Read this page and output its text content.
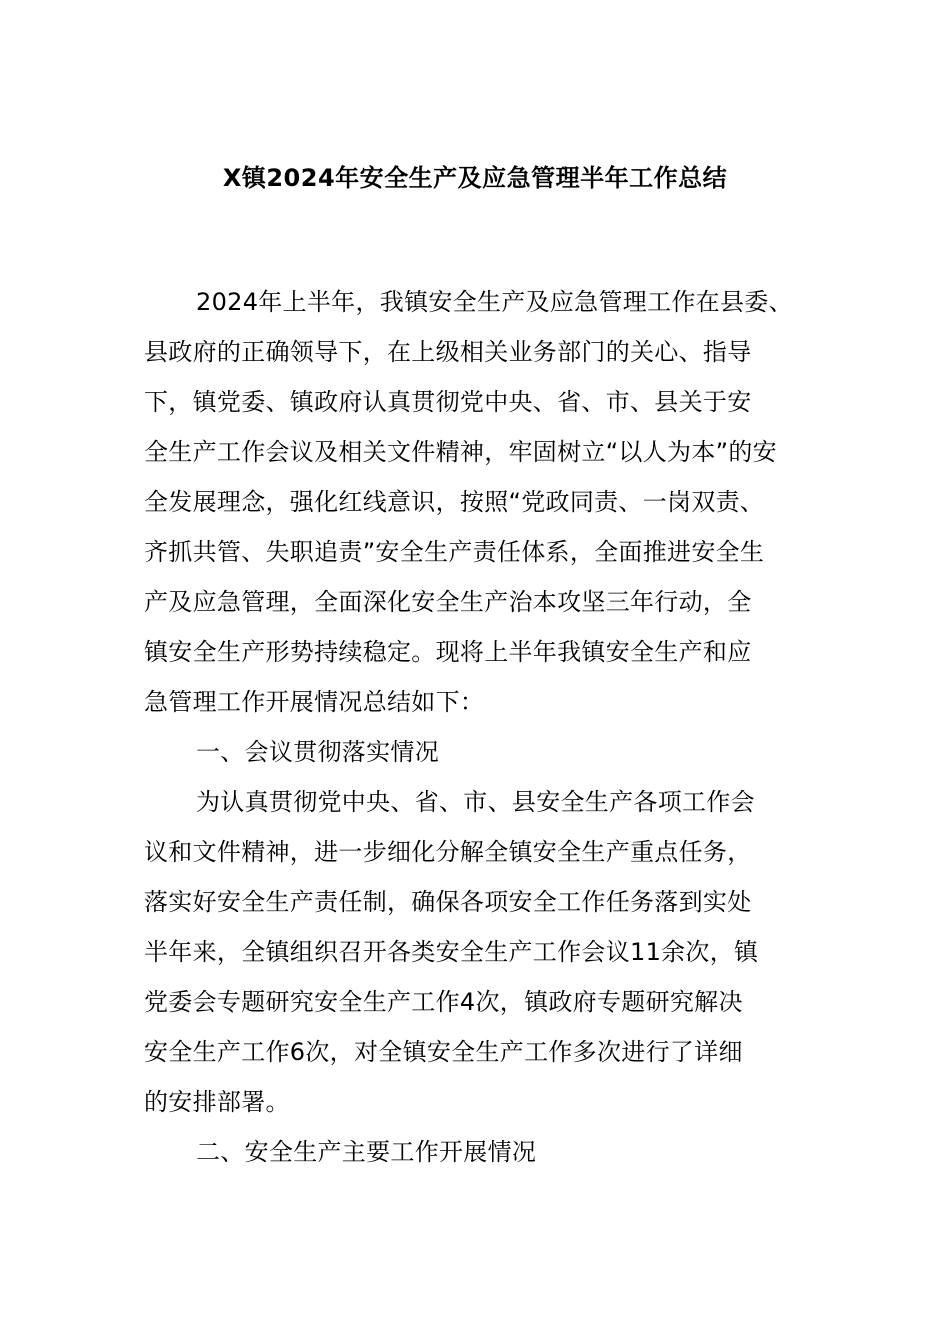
X镇2024年安全生产及应急管理半年工作总结
2024年上半年，我镇安全生产及应急管理工作在县委、
县政府的正确领导下，在上级相关业务部门的关心、指导
下，镇党委、镇政府认真贯彻党中央、省、市、县关于安
全生产工作会议及相关文件精神，牢固树立“以人为本”的安
全发展理念，强化红线意识，按照“党政同责、一岗双责、
齐抓共管、失职追责”安全生产责任体系，全面推进安全生
产及应急管理，全面深化安全生产治本攻坚三年行动，全
镇安全生产形势持续稳定。现将上半年我镇安全生产和应
急管理工作开展情况总结如下：
一、会议贯彻落实情况
为认真贯彻党中央、省、市、县安全生产各项工作会
议和文件精神，进一步细化分解全镇安全生产重点任务，
落实好安全生产责任制，确保各项安全工作任务落到实处
半年来，全镇组织召开各类安全生产工作会议11余次，镇
党委会专题研究安全生产工作4次，镇政府专题研究解决
安全生产工作6次，对全镇安全生产工作多次进行了详细
的安排部署。
二、安全生产主要工作开展情况
